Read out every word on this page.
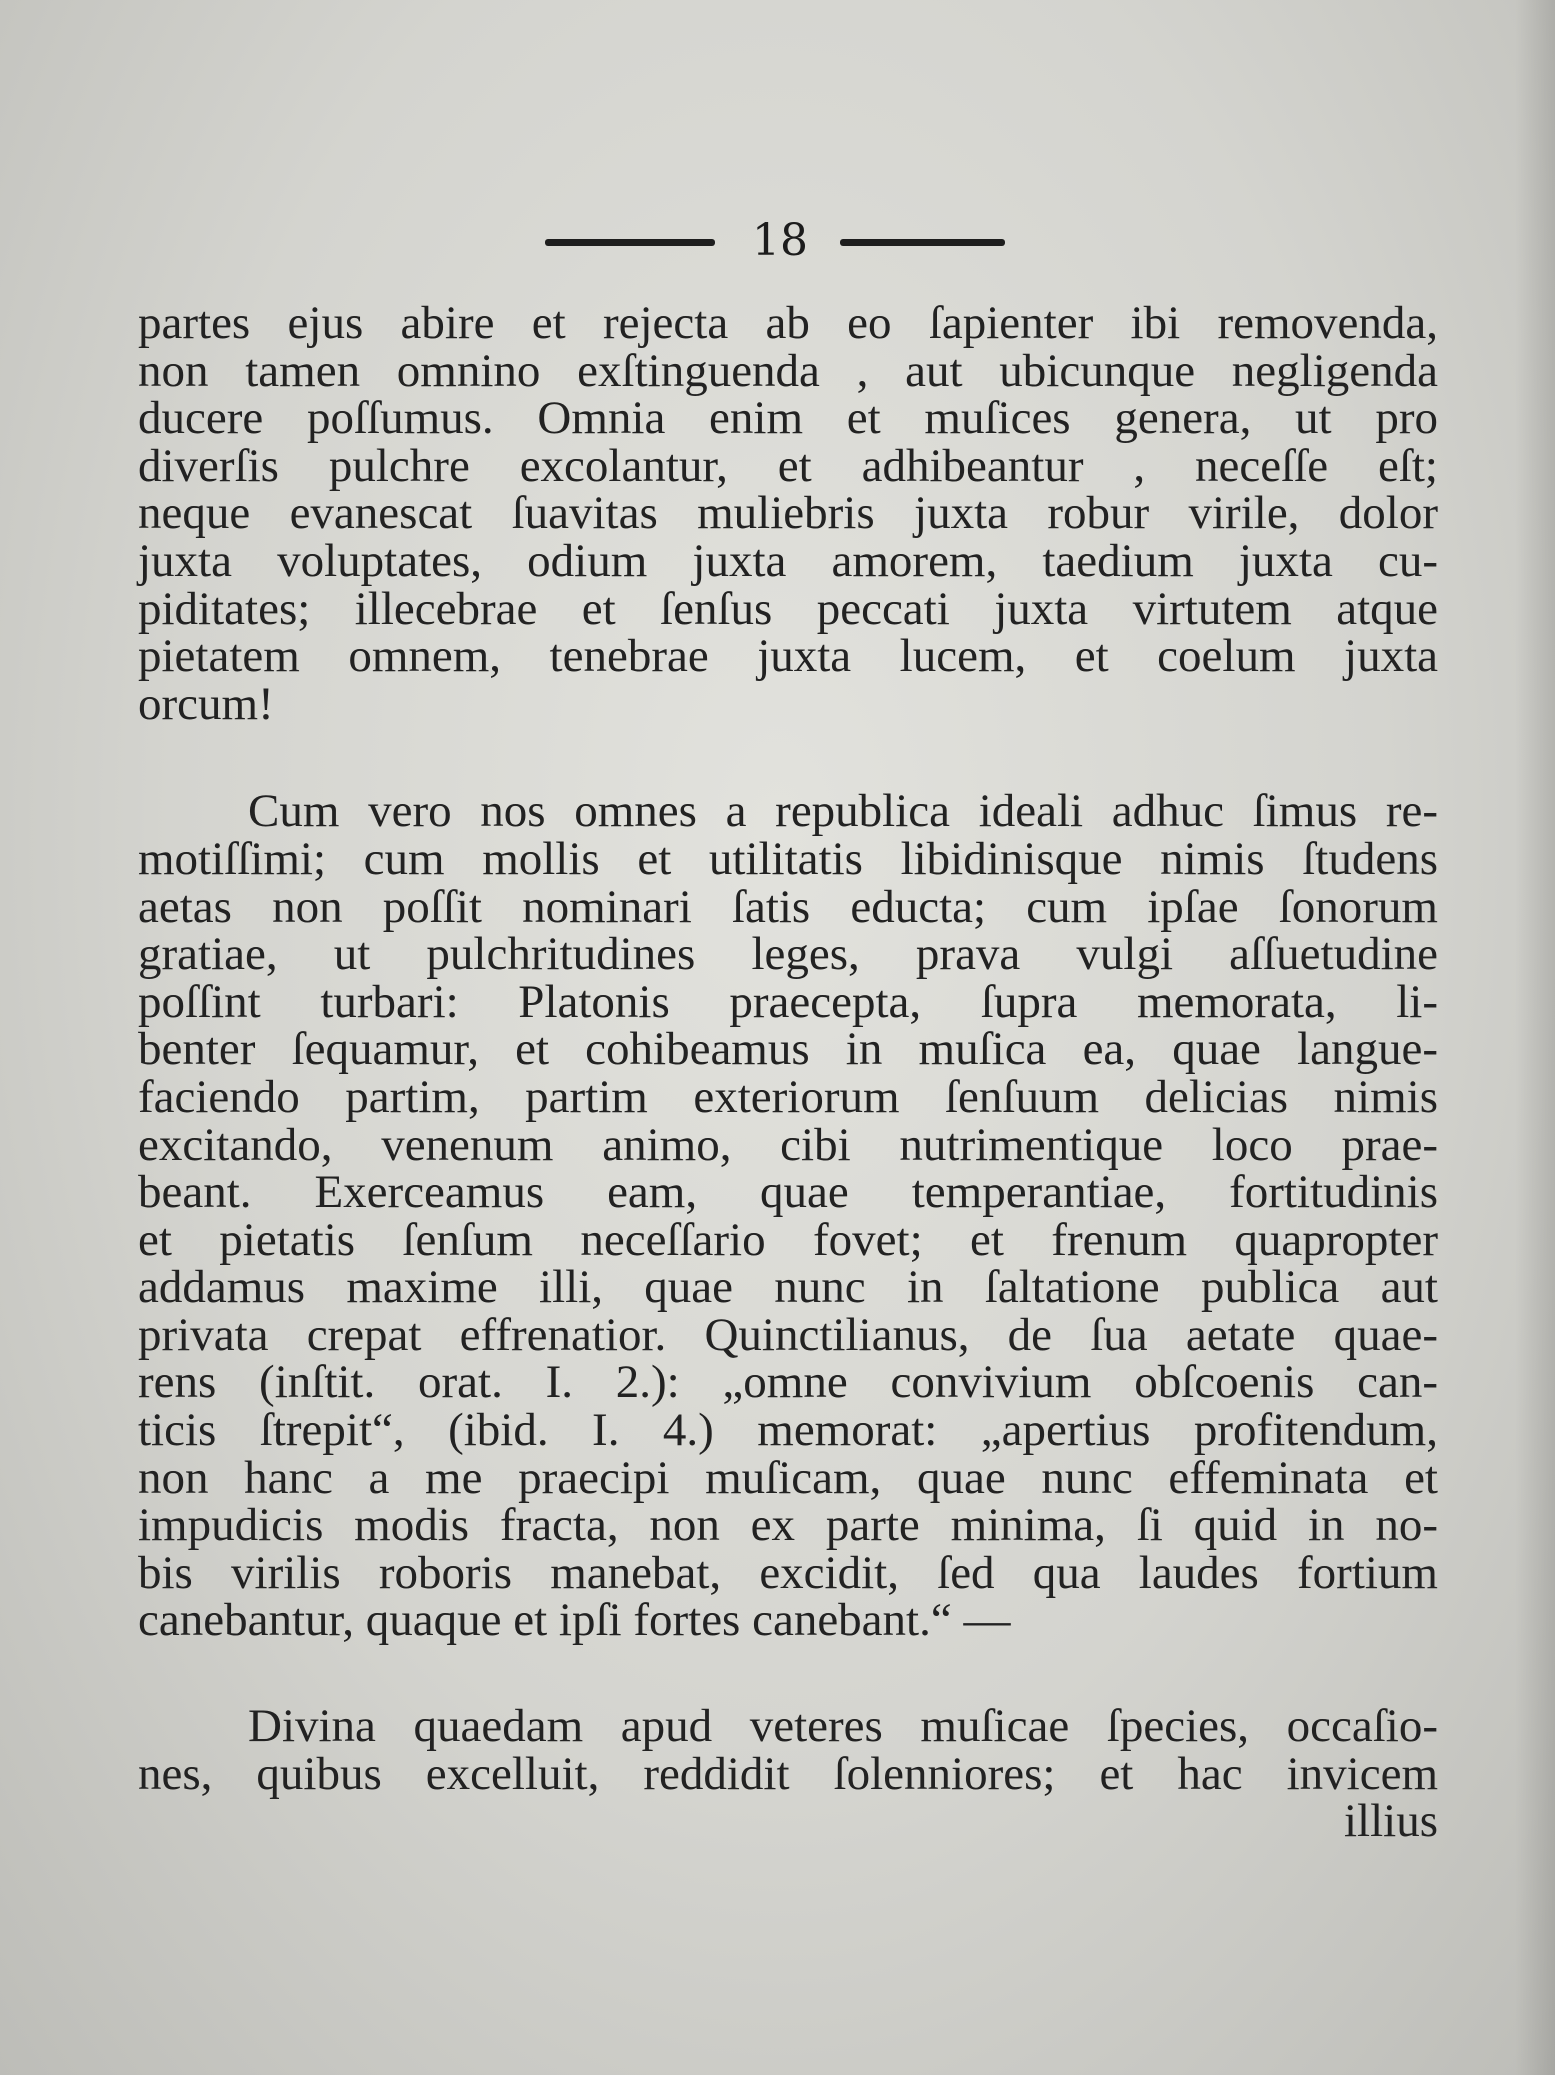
18
partes ejus abire et rejecta ab eo ſapienter ibi removenda,
non tamen omnino exſtinguenda , aut ubicunque negligenda
ducere poſſumus. Omnia enim et muſices genera, ut pro
diverſis pulchre excolantur, et adhibeantur , neceſſe eſt;
neque evanescat ſuavitas muliebris juxta robur virile, dolor
juxta voluptates, odium juxta amorem, taedium juxta cu-
piditates; illecebrae et ſenſus peccati juxta virtutem atque
pietatem omnem, tenebrae juxta lucem, et coelum juxta
orcum!
Cum vero nos omnes a republica ideali adhuc ſimus re-
motiſſimi; cum mollis et utilitatis libidinisque nimis ſtudens
aetas non poſſit nominari ſatis educta; cum ipſae ſonorum
gratiae, ut pulchritudines leges, prava vulgi aſſuetudine
poſſint turbari: Platonis praecepta, ſupra memorata, li-
benter ſequamur, et cohibeamus in muſica ea, quae langue-
faciendo partim, partim exteriorum ſenſuum delicias nimis
excitando, venenum animo, cibi nutrimentique loco prae-
beant. Exerceamus eam, quae temperantiae, fortitudinis
et pietatis ſenſum neceſſario fovet; et frenum quapropter
addamus maxime illi, quae nunc in ſaltatione publica aut
privata crepat effrenatior. Quinctilianus, de ſua aetate quae-
rens (inſtit. orat. I. 2.): „omne convivium obſcoenis can-
ticis ſtrepit“, (ibid. I. 4.) memorat: „apertius profitendum,
non hanc a me praecipi muſicam, quae nunc effeminata et
impudicis modis fracta, non ex parte minima, ſi quid in no-
bis virilis roboris manebat, excidit, ſed qua laudes fortium
canebantur, quaque et ipſi fortes canebant.“ —
Divina quaedam apud veteres muſicae ſpecies, occaſio-
nes, quibus excelluit, reddidit ſolenniores; et hac invicem
illius
